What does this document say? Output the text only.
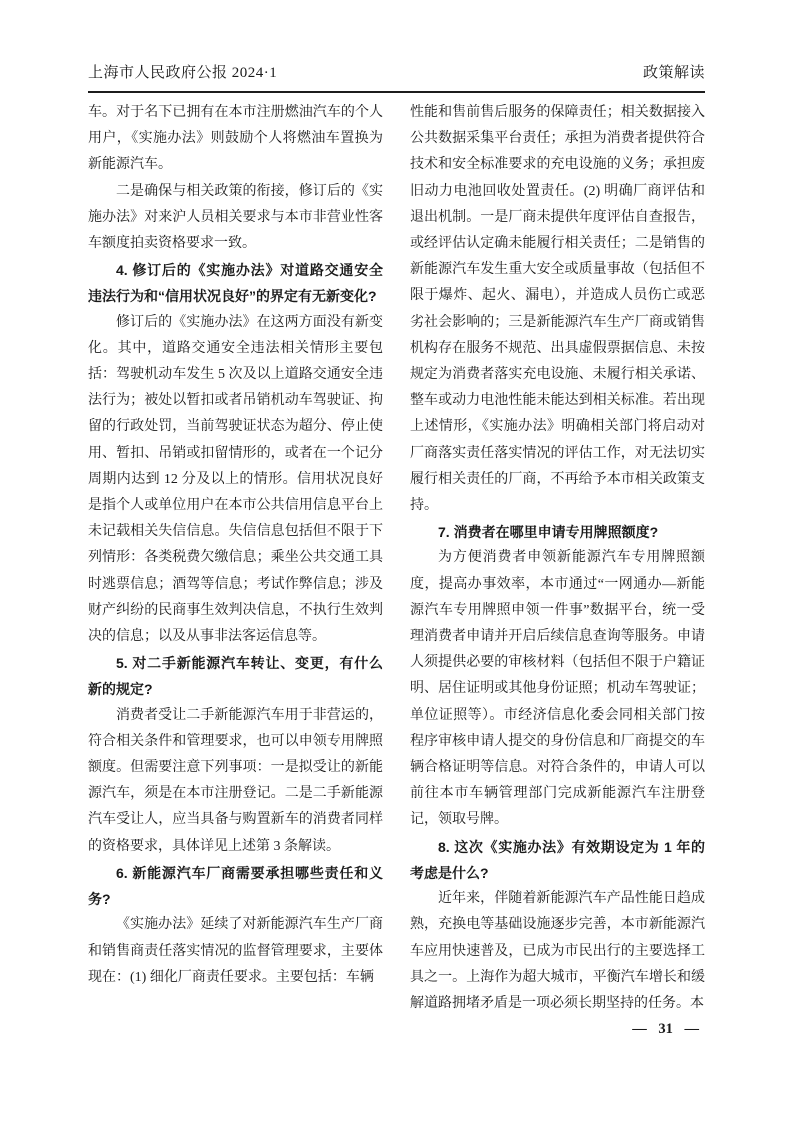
上海市人民政府公报 2024·1	政策解读

车。对于名下已拥有在本市注册燃油汽车的个人用户，《实施办法》则鼓励个人将燃油车置换为新能源汽车。

二是确保与相关政策的衔接，修订后的《实施办法》对来沪人员相关要求与本市非营业性客车额度拍卖资格要求一致。

4. 修订后的《实施办法》对道路交通安全违法行为和“信用状况良好”的界定有无新变化?

修订后的《实施办法》在这两方面没有新变化。其中，道路交通安全违法相关情形主要包括：驾驶机动车发生 5 次及以上道路交通安全违法行为；被处以暂扣或者吊销机动车驾驶证、拘留的行政处罚，当前驾驶证状态为超分、停止使用、暂扣、吊销或扣留情形的，或者在一个记分周期内达到 12 分及以上的情形。信用状况良好是指个人或单位用户在本市公共信用信息平台上未记载相关失信信息。失信信息包括但不限于下列情形：各类税费欠缴信息；乘坐公共交通工具时逃票信息；酒驾等信息；考试作弊信息；涉及财产纠纷的民商事生效判决信息，不执行生效判决的信息；以及从事非法客运信息等。

5. 对二手新能源汽车转让、变更，有什么新的规定?

消费者受让二手新能源汽车用于非营运的，符合相关条件和管理要求，也可以申领专用牌照额度。但需要注意下列事项：一是拟受让的新能源汽车，须是在本市注册登记。二是二手新能源汽车受让人，应当具备与购置新车的消费者同样的资格要求，具体详见上述第 3 条解读。

6. 新能源汽车厂商需要承担哪些责任和义务?

《实施办法》延续了对新能源汽车生产厂商和销售商责任落实情况的监督管理要求，主要体现在：(1) 细化厂商责任要求。主要包括：车辆

性能和售前售后服务的保障责任；相关数据接入公共数据采集平台责任；承担为消费者提供符合技术和安全标准要求的充电设施的义务；承担废旧动力电池回收处置责任。(2) 明确厂商评估和退出机制。一是厂商未提供年度评估自查报告，或经评估认定确未能履行相关责任；二是销售的新能源汽车发生重大安全或质量事故（包括但不限于爆炸、起火、漏电），并造成人员伤亡或恶劣社会影响的；三是新能源汽车生产厂商或销售机构存在服务不规范、出具虚假票据信息、未按规定为消费者落实充电设施、未履行相关承诺、整车或动力电池性能未能达到相关标准。若出现上述情形，《实施办法》明确相关部门将启动对厂商落实责任落实情况的评估工作，对无法切实履行相关责任的厂商，不再给予本市相关政策支持。

7. 消费者在哪里申请专用牌照额度?

为方便消费者申领新能源汽车专用牌照额度，提高办事效率，本市通过“一网通办—新能源汽车专用牌照申领一件事”数据平台，统一受理消费者申请并开启后续信息查询等服务。申请人须提供必要的审核材料（包括但不限于户籍证明、居住证明或其他身份证照；机动车驾驶证；单位证照等）。市经济信息化委会同相关部门按程序审核申请人提交的身份信息和厂商提交的车辆合格证明等信息。对符合条件的，申请人可以前往本市车辆管理部门完成新能源汽车注册登记，领取号牌。

8. 这次《实施办法》有效期设定为 1 年的考虑是什么?

近年来，伴随着新能源汽车产品性能日趋成熟，充换电等基础设施逐步完善，本市新能源汽车应用快速普及，已成为市民出行的主要选择工具之一。上海作为超大城市，平衡汽车增长和缓解道路拥堵矛盾是一项必须长期坚持的任务。本

— 31 —
